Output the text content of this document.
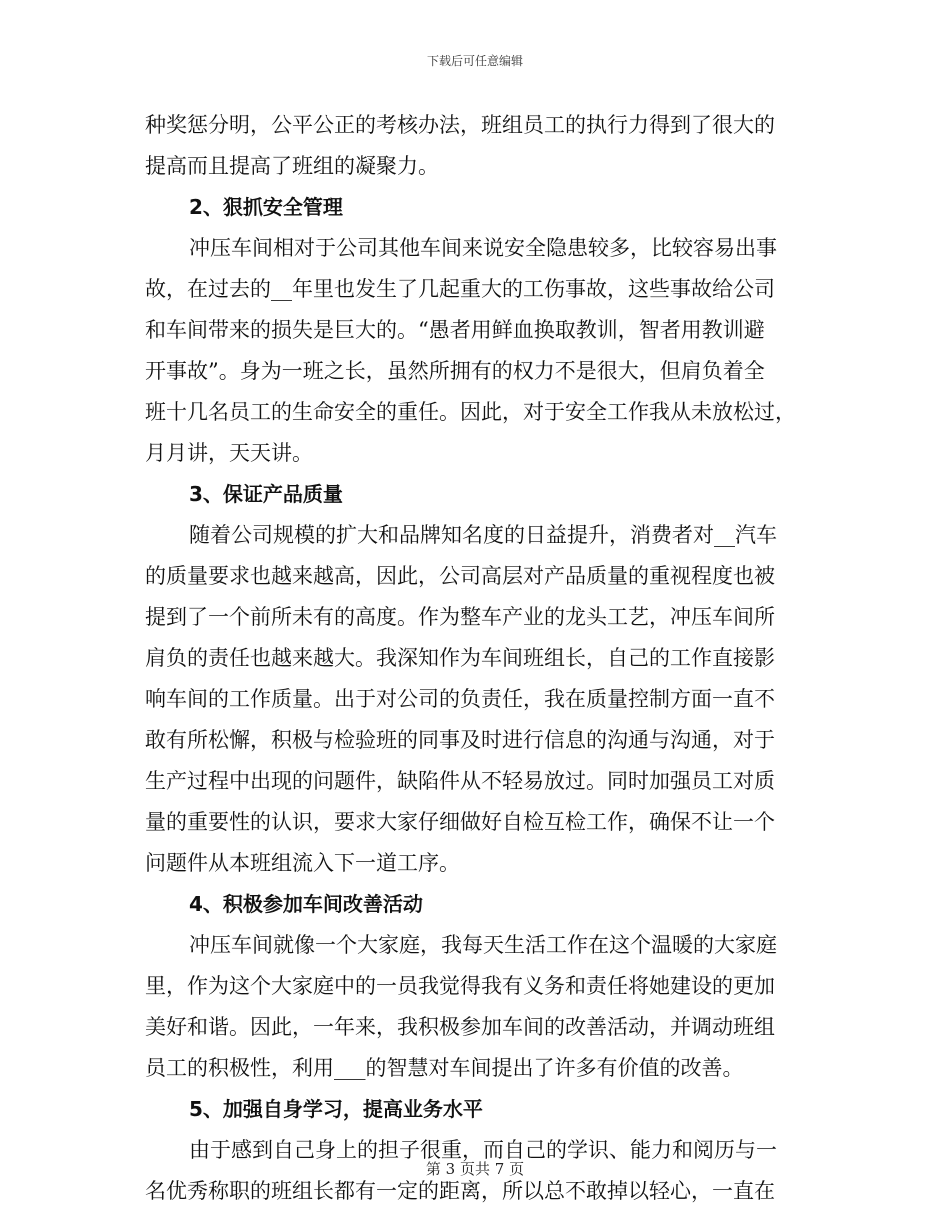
下载后可任意编辑
种奖惩分明，公平公正的考核办法，班组员工的执行力得到了很大的
提高而且提高了班组的凝聚力。
2、狠抓安全管理
冲压车间相对于公司其他车间来说安全隐患较多，比较容易出事
故，在过去的__年里也发生了几起重大的工伤事故，这些事故给公司
和车间带来的损失是巨大的。“愚者用鲜血换取教训，智者用教训避
开事故”。身为一班之长，虽然所拥有的权力不是很大，但肩负着全
班十几名员工的生命安全的重任。因此，对于安全工作我从未放松过，
月月讲，天天讲。
3、保证产品质量
随着公司规模的扩大和品牌知名度的日益提升，消费者对__汽车
的质量要求也越来越高，因此，公司高层对产品质量的重视程度也被
提到了一个前所未有的高度。作为整车产业的龙头工艺，冲压车间所
肩负的责任也越来越大。我深知作为车间班组长，自己的工作直接影
响车间的工作质量。出于对公司的负责任，我在质量控制方面一直不
敢有所松懈，积极与检验班的同事及时进行信息的沟通与沟通，对于
生产过程中出现的问题件，缺陷件从不轻易放过。同时加强员工对质
量的重要性的认识，要求大家仔细做好自检互检工作，确保不让一个
问题件从本班组流入下一道工序。
4、积极参加车间改善活动
冲压车间就像一个大家庭，我每天生活工作在这个温暖的大家庭
里，作为这个大家庭中的一员我觉得我有义务和责任将她建设的更加
美好和谐。因此，一年来，我积极参加车间的改善活动，并调动班组
员工的积极性，利用___的智慧对车间提出了许多有价值的改善。
5、加强自身学习，提高业务水平
由于感到自己身上的担子很重，而自己的学识、能力和阅历与一
名优秀称职的班组长都有一定的距离，所以总不敢掉以轻心，一直在
第 3 页共 7 页
